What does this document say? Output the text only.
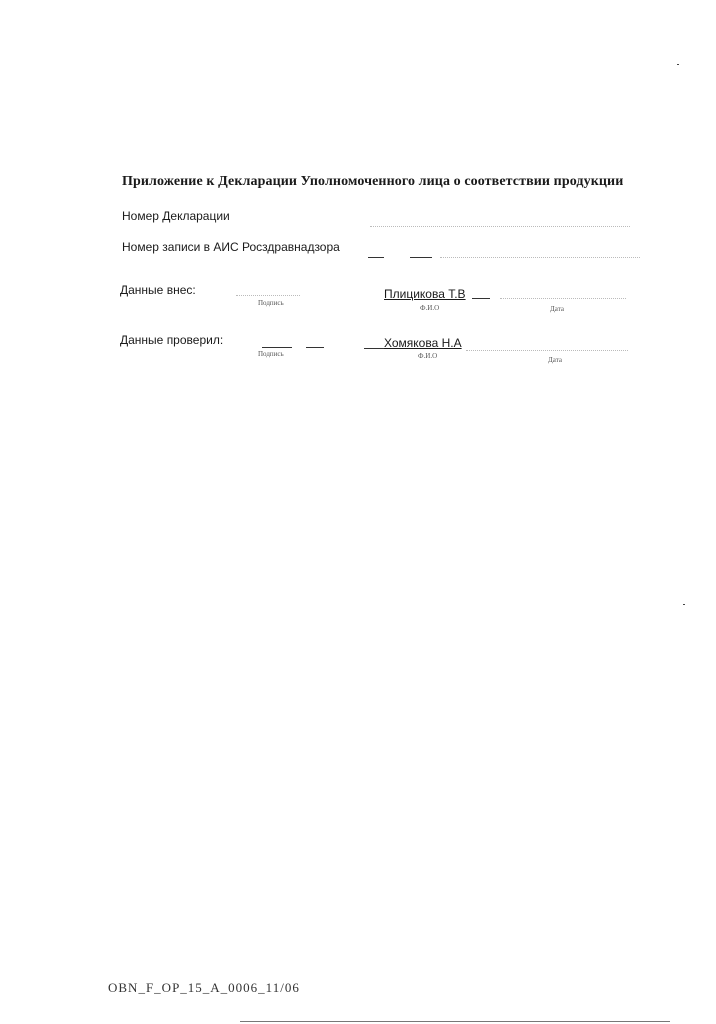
Приложение к Декларации Уполномоченного лица о соответствии продукции
Номер Декларации
Номер записи в АИС Росздравнадзора
Данные внес:
Подпись
Плицикова Т.В
Ф.И.О	Дата
Данные проверил:
Подпись
Хомякова Н.А
Ф.И.О	Дата
OBN_F_OP_15_A_0006_11/06
